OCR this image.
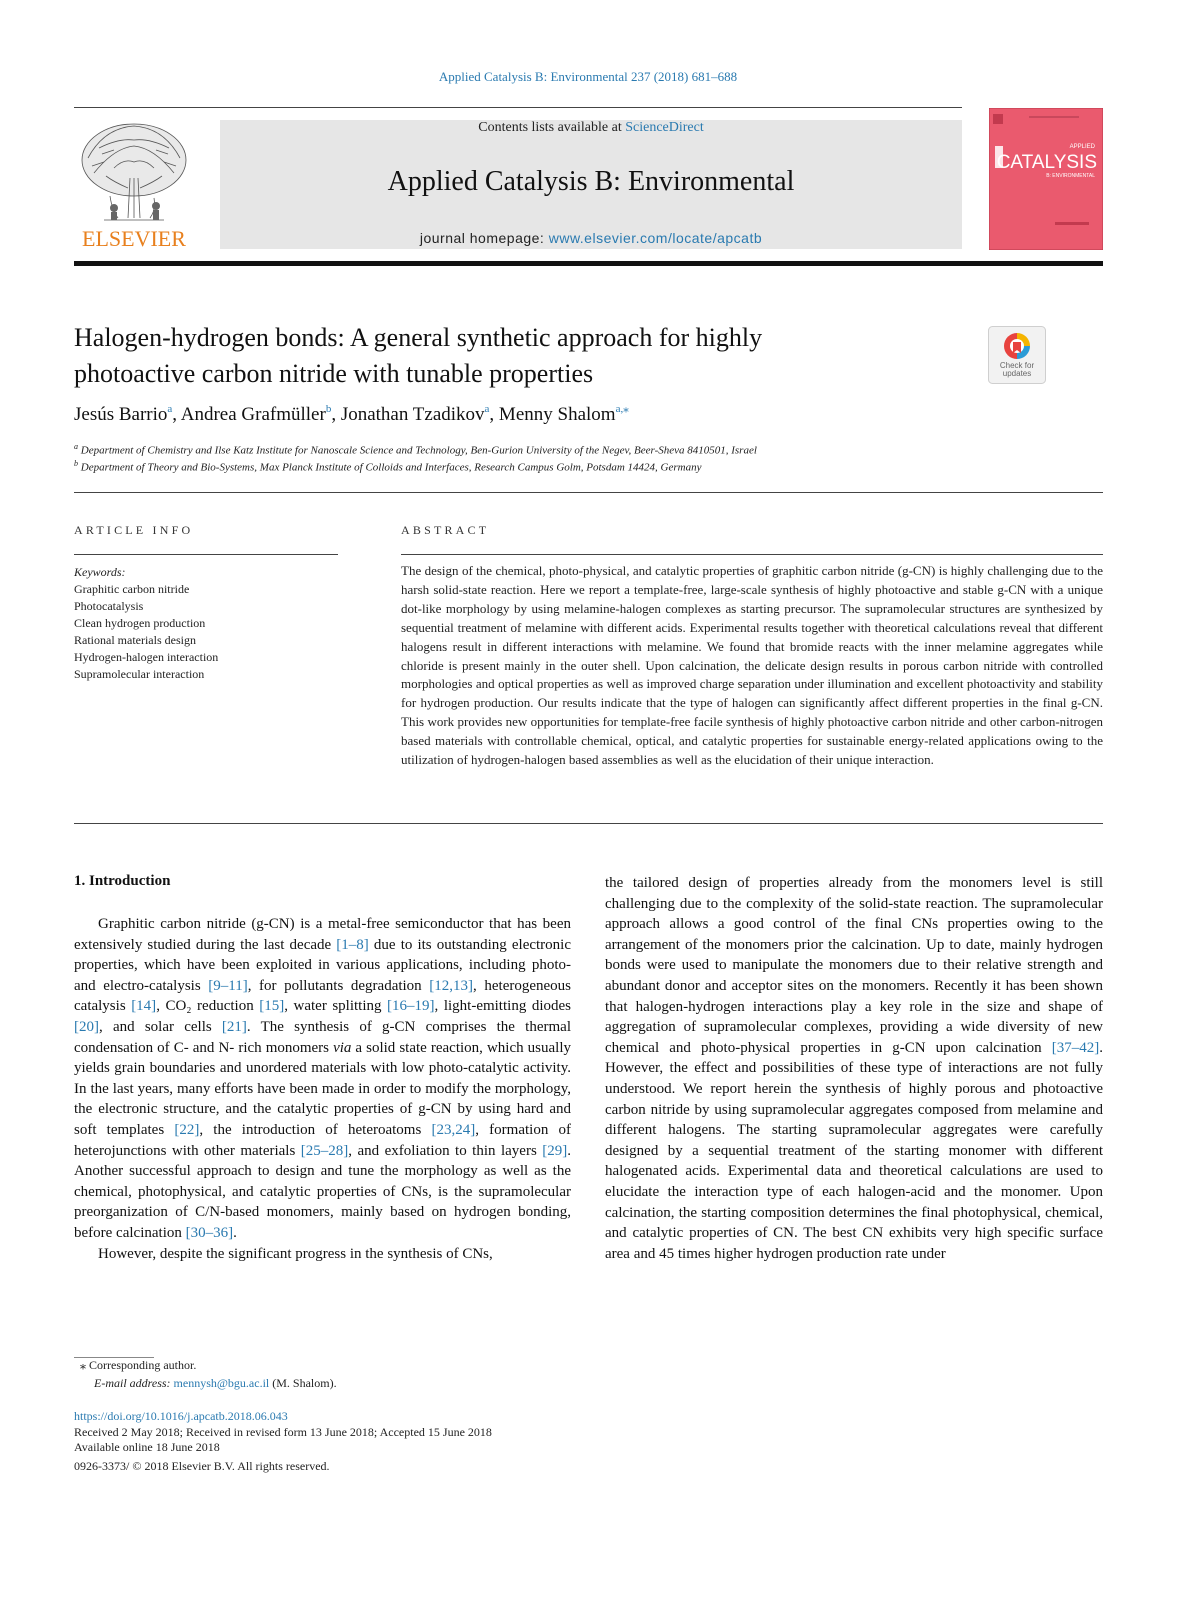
Applied Catalysis B: Environmental 237 (2018) 681–688
ELSEVIER
Contents lists available at ScienceDirect
Applied Catalysis B: Environmental
journal homepage: www.elsevier.com/locate/apcatb
APPLIED
CATALYSIS
B: ENVIRONMENTAL
Halogen-hydrogen bonds: A general synthetic approach for highly
photoactive carbon nitride with tunable properties	Check for updates
Jesús Barrio$^a$, Andrea Grafmüller$^b$, Jonathan Tzadikov$^a$, Menny Shalom$^{a,⁎}$
$^a$ Department of Chemistry and Ilse Katz Institute for Nanoscale Science and Technology, Ben-Gurion University of the Negev, Beer-Sheva 8410501, Israel
$^b$ Department of Theory and Bio-Systems, Max Planck Institute of Colloids and Interfaces, Research Campus Golm, Potsdam 14424, Germany
ARTICLE INFO	ABSTRACT
Keywords:
Graphitic carbon nitride
Photocatalysis
Clean hydrogen production
Rational materials design
Hydrogen-halogen interaction
Supramolecular interaction
The design of the chemical, photo-physical, and catalytic properties of graphitic carbon nitride (g-CN) is highly challenging due to the harsh solid-state reaction. Here we report a template-free, large-scale synthesis of highly photoactive and stable g-CN with a unique dot-like morphology by using melamine-halogen complexes as starting precursor. The supramolecular structures are synthesized by sequential treatment of melamine with different acids. Experimental results together with theoretical calculations reveal that different halogens result in different interactions with melamine. We found that bromide reacts with the inner melamine aggregates while chloride is present mainly in the outer shell. Upon calcination, the delicate design results in porous carbon nitride with controlled morphologies and optical properties as well as improved charge separation under illumination and excellent photoactivity and stability for hydrogen production. Our results indicate that the type of halogen can significantly affect different properties in the final g-CN. This work provides new opportunities for template-free facile synthesis of highly photoactive carbon nitride and other carbon-nitrogen based materials with controllable chemical, optical, and catalytic properties for sustainable energy-related applications owing to the utilization of hydrogen-halogen based assemblies as well as the elucidation of their unique interaction.
1. Introduction

Graphitic carbon nitride (g-CN) is a metal-free semiconductor that has been extensively studied during the last decade [1–8] due to its outstanding electronic properties, which have been exploited in various applications, including photo- and electro-catalysis [9–11], for pollutants degradation [12,13], heterogeneous catalysis [14], CO₂ reduction [15], water splitting [16–19], light-emitting diodes [20], and solar cells [21]. The synthesis of g-CN comprises the thermal condensation of C- and N- rich monomers via a solid state reaction, which usually yields grain boundaries and unordered materials with low photo-catalytic activity. In the last years, many efforts have been made in order to modify the morphology, the electronic structure, and the catalytic properties of g-CN by using hard and soft templates [22], the introduction of heteroatoms [23,24], formation of heterojunctions with other materials [25–28], and exfoliation to thin layers [29]. Another successful approach to design and tune the morphology as well as the chemical, photophysical, and catalytic properties of CNs, is the supramolecular preorganization of C/N-based monomers, mainly based on hydrogen bonding, before calcination [30–36].

However, despite the significant progress in the synthesis of CNs,

the tailored design of properties already from the monomers level is still challenging due to the complexity of the solid-state reaction. The supramolecular approach allows a good control of the final CNs properties owing to the arrangement of the monomers prior the calcination. Up to date, mainly hydrogen bonds were used to manipulate the monomers due to their relative strength and abundant donor and acceptor sites on the monomers. Recently it has been shown that halogen-hydrogen interactions play a key role in the size and shape of aggregation of supramolecular complexes, providing a wide diversity of new chemical and photo-physical properties in g-CN upon calcination [37–42]. However, the effect and possibilities of these type of interactions are not fully understood. We report herein the synthesis of highly porous and photoactive carbon nitride by using supramolecular aggregates composed from melamine and different halogens. The starting supramolecular aggregates were carefully designed by a sequential treatment of the starting monomer with different halogenated acids. Experimental data and theoretical calculations are used to elucidate the interaction type of each halogen-acid and the monomer. Upon calcination, the starting composition determines the final photophysical, chemical, and catalytic properties of CN. The best CN exhibits very high specific surface area and 45 times higher hydrogen production rate under

⁎ Corresponding author.
E-mail address: mennysh@bgu.ac.il (M. Shalom).
https://doi.org/10.1016/j.apcatb.2018.06.043
Received 2 May 2018; Received in revised form 13 June 2018; Accepted 15 June 2018
Available online 18 June 2018
0926-3373/ © 2018 Elsevier B.V. All rights reserved.
